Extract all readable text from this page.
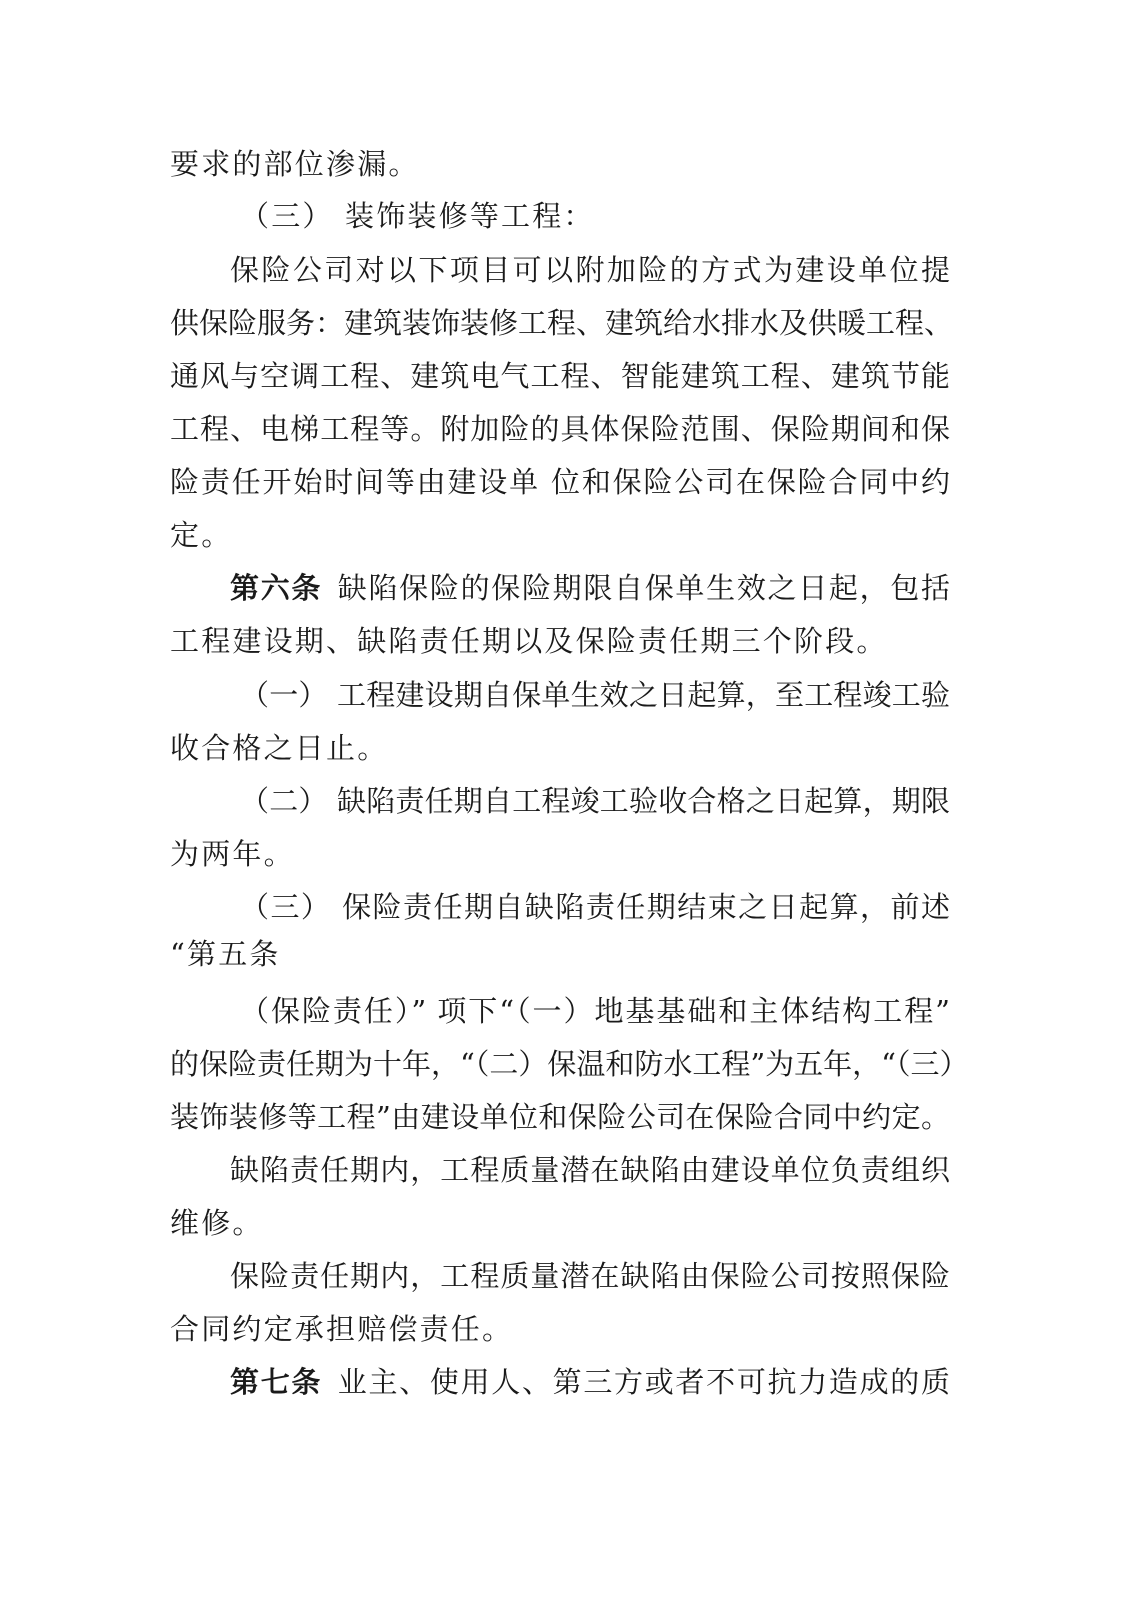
要求的部位渗漏。
（三） 装饰装修等工程：
保险公司对以下项目可以附加险的方式为建设单位提
供保险服务：建筑装饰装修工程、建筑给水排水及供暖工程、
通风与空调工程、建筑电气工程、智能建筑工程、建筑节能
工程、电梯工程等。附加险的具体保险范围、保险期间和保
险责任开始时间等由建设单 位和保险公司在保险合同中约
定。
第六条 缺陷保险的保险期限自保单生效之日起，包括
工程建设期、缺陷责任期以及保险责任期三个阶段。
（一） 工程建设期自保单生效之日起算，至工程竣工验
收合格之日止。
（二） 缺陷责任期自工程竣工验收合格之日起算，期限
为两年。
（三） 保险责任期自缺陷责任期结束之日起算，前述
“第五条
（保险责任）” 项下“（一）地基基础和主体结构工程”
的保险责任期为十年，“（二）保温和防水工程”为五年，“（三）
装饰装修等工程”由建设单位和保险公司在保险合同中约定。
缺陷责任期内，工程质量潜在缺陷由建设单位负责组织
维修。
保险责任期内，工程质量潜在缺陷由保险公司按照保险
合同约定承担赔偿责任。
第七条 业主、使用人、第三方或者不可抗力造成的质
